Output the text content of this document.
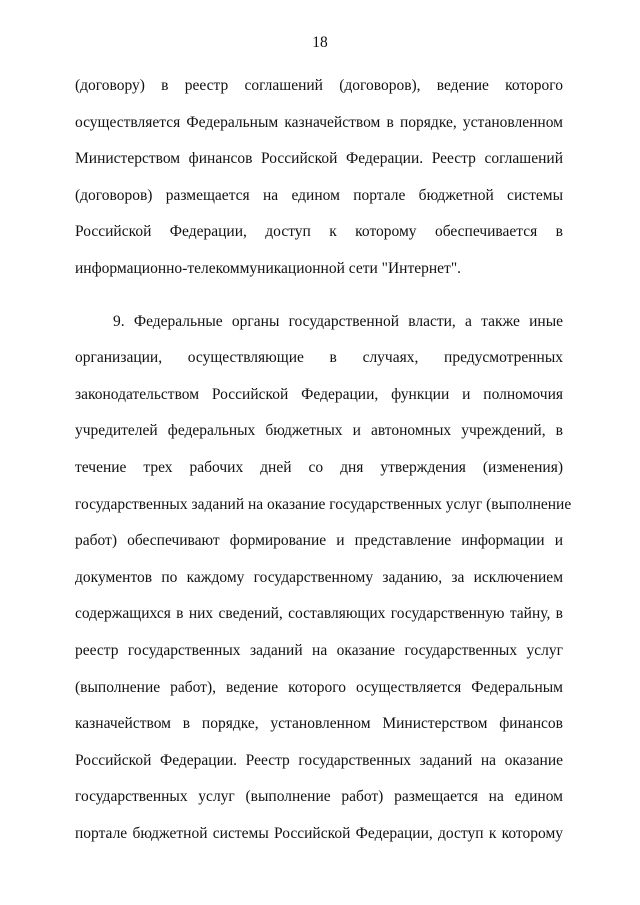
18
(договору) в реестр соглашений (договоров), ведение которого
осуществляется Федеральным казначейством в порядке, установленном
Министерством финансов Российской Федерации. Реестр соглашений
(договоров) размещается на едином портале бюджетной системы
Российской Федерации, доступ к которому обеспечивается в
информационно-телекоммуникационной сети "Интернет".
9. Федеральные органы государственной власти, а также иные
организации, осуществляющие в случаях, предусмотренных
законодательством Российской Федерации, функции и полномочия
учредителей федеральных бюджетных и автономных учреждений, в
течение трех рабочих дней со дня утверждения (изменения)
государственных заданий на оказание государственных услуг (выполнение
работ) обеспечивают формирование и представление информации и
документов по каждому государственному заданию, за исключением
содержащихся в них сведений, составляющих государственную тайну, в
реестр государственных заданий на оказание государственных услуг
(выполнение работ), ведение которого осуществляется Федеральным
казначейством в порядке, установленном Министерством финансов
Российской Федерации. Реестр государственных заданий на оказание
государственных услуг (выполнение работ) размещается на едином
портале бюджетной системы Российской Федерации, доступ к которому
